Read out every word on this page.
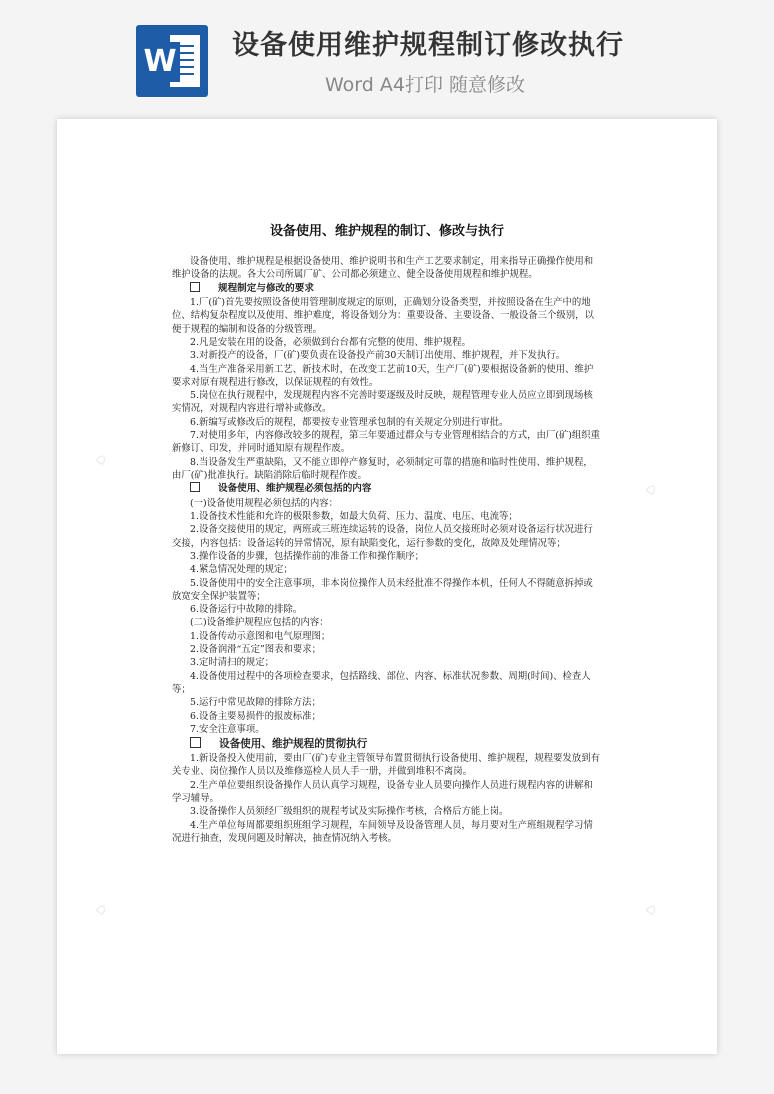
W 设备使用维护规程制订修改执行
Word A4打印 随意修改
⌂
⌂
⌂	⌂
设备使用、维护规程的制订、修改与执行

设备使用、维护规程是根据设备使用、维护说明书和生产工艺要求制定，用来指导正确操作使用和维护设备的法规。各大公司所属厂矿、公司都必须建立、健全设备使用规程和维护规程。

规程制定与修改的要求

1.厂(矿)首先要按照设备使用管理制度规定的原则，正确划分设备类型，并按照设备在生产中的地位、结构复杂程度以及使用、维护难度，将设备划分为：重要设备、主要设备、一般设备三个级别，以便于规程的编制和设备的分级管理。

2.凡是安装在用的设备，必须做到台台都有完整的使用、维护规程。

3.对新投产的设备，厂(矿)要负责在设备投产前30天制订出使用、维护规程，并下发执行。

4.当生产准备采用新工艺、新技术时，在改变工艺前10天，生产厂(矿)要根据设备新的使用、维护要求对原有规程进行修改，以保证规程的有效性。

5.岗位在执行规程中，发现规程内容不完善时要逐级及时反映，规程管理专业人员应立即到现场核实情况，对规程内容进行增补或修改。

6.新编写或修改后的规程，都要按专业管理承包制的有关规定分别进行审批。

7.对使用多年，内容修改较多的规程，第三年要通过群众与专业管理相结合的方式，由厂(矿)组织重新修订、印发，并同时通知原有规程作废。

8.当设备发生严重缺陷，又不能立即停产修复时，必须制定可靠的措施和临时性使用、维护规程，由厂(矿)批准执行。缺陷消除后临时规程作废。

设备使用、维护规程必须包括的内容

(一)设备使用规程必须包括的内容：

1.设备技术性能和允许的极限参数，如最大负荷、压力、温度、电压、电流等；

2.设备交接使用的规定，两班或三班连续运转的设备，岗位人员交接班时必须对设备运行状况进行交接，内容包括：设备运转的异常情况，原有缺陷变化，运行参数的变化，故障及处理情况等；

3.操作设备的步骤，包括操作前的准备工作和操作顺序；

4.紧急情况处理的规定；

5.设备使用中的安全注意事项，非本岗位操作人员未经批准不得操作本机，任何人不得随意拆掉或放宽安全保护装置等；

6.设备运行中故障的排除。

(二)设备维护规程应包括的内容：

1.设备传动示意图和电气原理图；

2.设备润滑“五定”图表和要求；

3.定时清扫的规定；

4.设备使用过程中的各项检查要求，包括路线、部位、内容、标准状况参数、周期(时间)、检查人等；

5.运行中常见故障的排除方法；

6.设备主要易损件的报废标准；

7.安全注意事项。

设备使用、维护规程的贯彻执行

1.新设备投入使用前，要由厂(矿)专业主管领导布置贯彻执行设备使用、维护规程，规程要发放到有关专业、岗位操作人员以及维修巡检人员人手一册，并做到堆积不离岗。

2.生产单位要组织设备操作人员认真学习规程，设备专业人员要向操作人员进行规程内容的讲解和学习辅导。

3.设备操作人员须经厂级组织的规程考试及实际操作考核，合格后方能上岗。

4.生产单位每周都要组织班组学习规程，车间领导及设备管理人员，每月要对生产班组规程学习情况进行抽查，发现问题及时解决，抽查情况纳入考核。
